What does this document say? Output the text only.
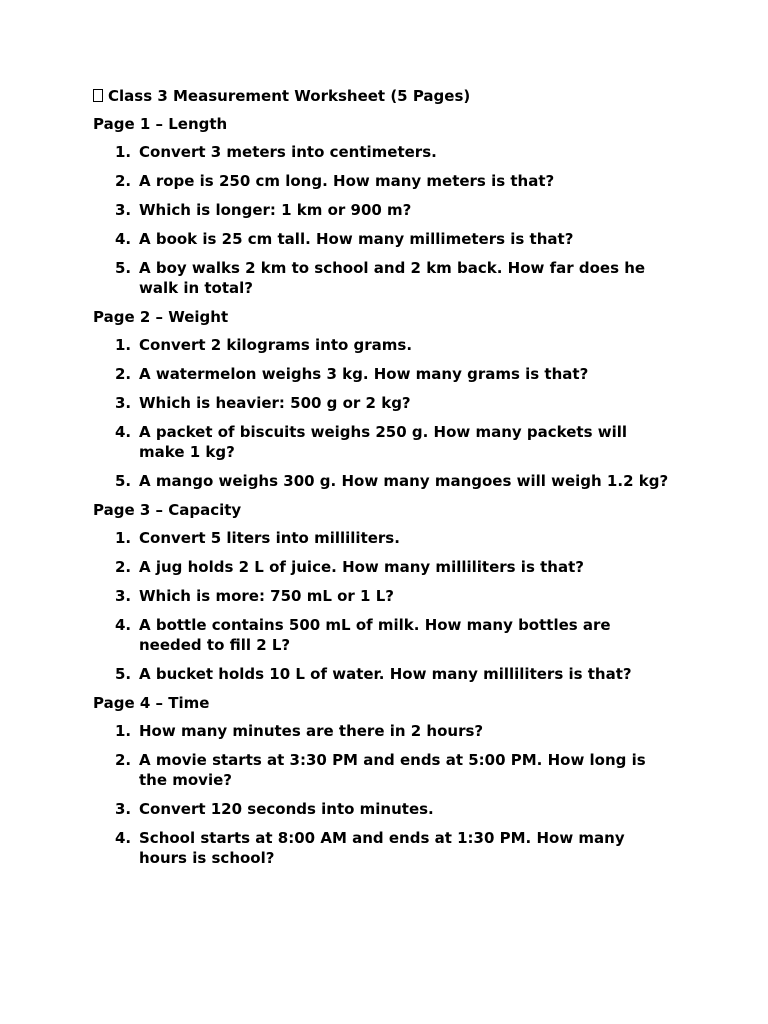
Class 3 Measurement Worksheet (5 Pages)
Page 1 – Length
1. Convert 3 meters into centimeters.
2. A rope is 250 cm long. How many meters is that?
3. Which is longer: 1 km or 900 m?
4. A book is 25 cm tall. How many millimeters is that?
5. A boy walks 2 km to school and 2 km back. How far does he walk in total?
Page 2 – Weight
1. Convert 2 kilograms into grams.
2. A watermelon weighs 3 kg. How many grams is that?
3. Which is heavier: 500 g or 2 kg?
4. A packet of biscuits weighs 250 g. How many packets will make 1 kg?
5. A mango weighs 300 g. How many mangoes will weigh 1.2 kg?
Page 3 – Capacity
1. Convert 5 liters into milliliters.
2. A jug holds 2 L of juice. How many milliliters is that?
3. Which is more: 750 mL or 1 L?
4. A bottle contains 500 mL of milk. How many bottles are needed to fill 2 L?
5. A bucket holds 10 L of water. How many milliliters is that?
Page 4 – Time
1. How many minutes are there in 2 hours?
2. A movie starts at 3:30 PM and ends at 5:00 PM. How long is the movie?
3. Convert 120 seconds into minutes.
4. School starts at 8:00 AM and ends at 1:30 PM. How many hours is school?
